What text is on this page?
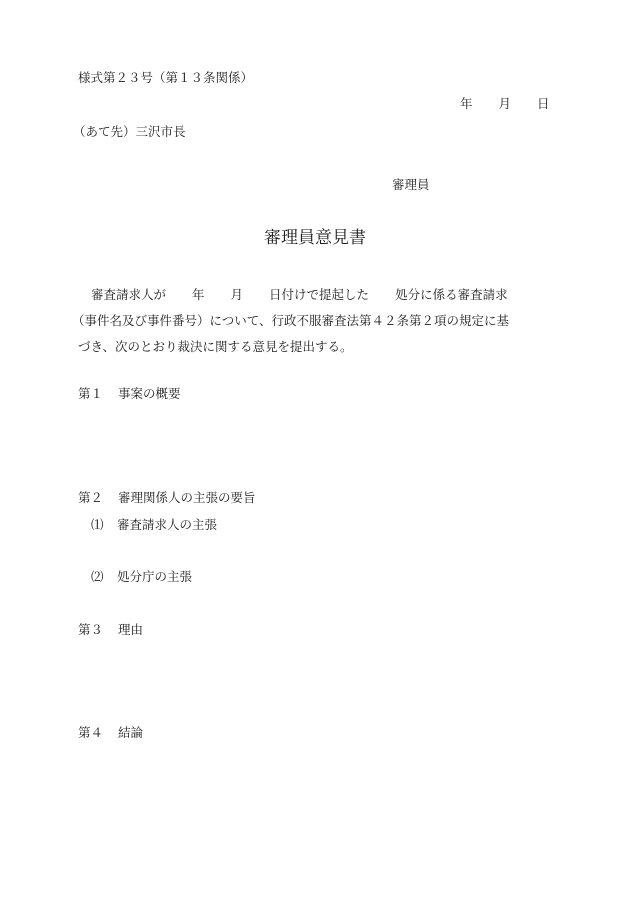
様式第２３号（第１３条関係）
年 月 日
（あて先）三沢市長
審理員
審理員意見書
審査請求人が 年 月 日付けで提起した 処分に係る審査請求
（事件名及び事件番号）について、行政不服審査法第４２条第２項の規定に基
づき、次のとおり裁決に関する意見を提出する。
第１ 事案の概要
第２ 審理関係人の主張の要旨
⑴ 審査請求人の主張
⑵ 処分庁の主張
第３ 理由
第４ 結論
